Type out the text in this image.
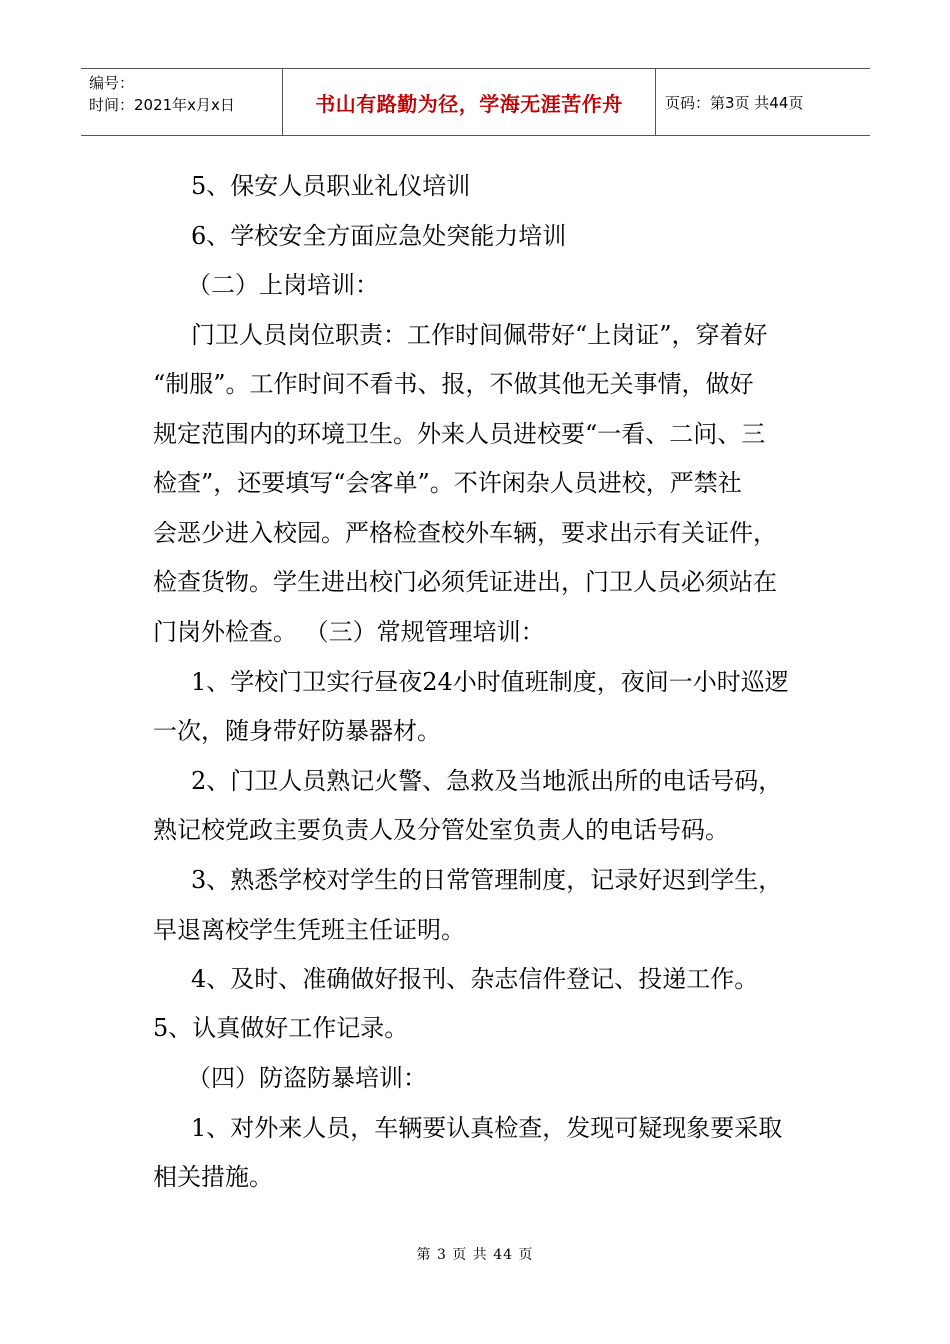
编号：
时间：2021年x月x日	书山有路勤为径，学海无涯苦作舟	页码：第3页 共44页
5、保安人员职业礼仪培训
6、学校安全方面应急处突能力培训
（二）上岗培训：
门卫人员岗位职责：工作时间佩带好“上岗证”，穿着好
“制服”。工作时间不看书、报，不做其他无关事情，做好
规定范围内的环境卫生。外来人员进校要“一看、二问、三
检查”，还要填写“会客单”。不许闲杂人员进校，严禁社
会恶少进入校园。严格检查校外车辆，要求出示有关证件，
检查货物。学生进出校门必须凭证进出，门卫人员必须站在
门岗外检查。 （三）常规管理培训：
1、学校门卫实行昼夜24小时值班制度，夜间一小时巡逻
一次，随身带好防暴器材。
2、门卫人员熟记火警、急救及当地派出所的电话号码，
熟记校党政主要负责人及分管处室负责人的电话号码。
3、熟悉学校对学生的日常管理制度，记录好迟到学生，
早退离校学生凭班主任证明。
4、及时、准确做好报刊、杂志信件登记、投递工作。
5、认真做好工作记录。
（四）防盗防暴培训：
1、对外来人员，车辆要认真检查，发现可疑现象要采取
相关措施。
第 3 页 共 44 页
